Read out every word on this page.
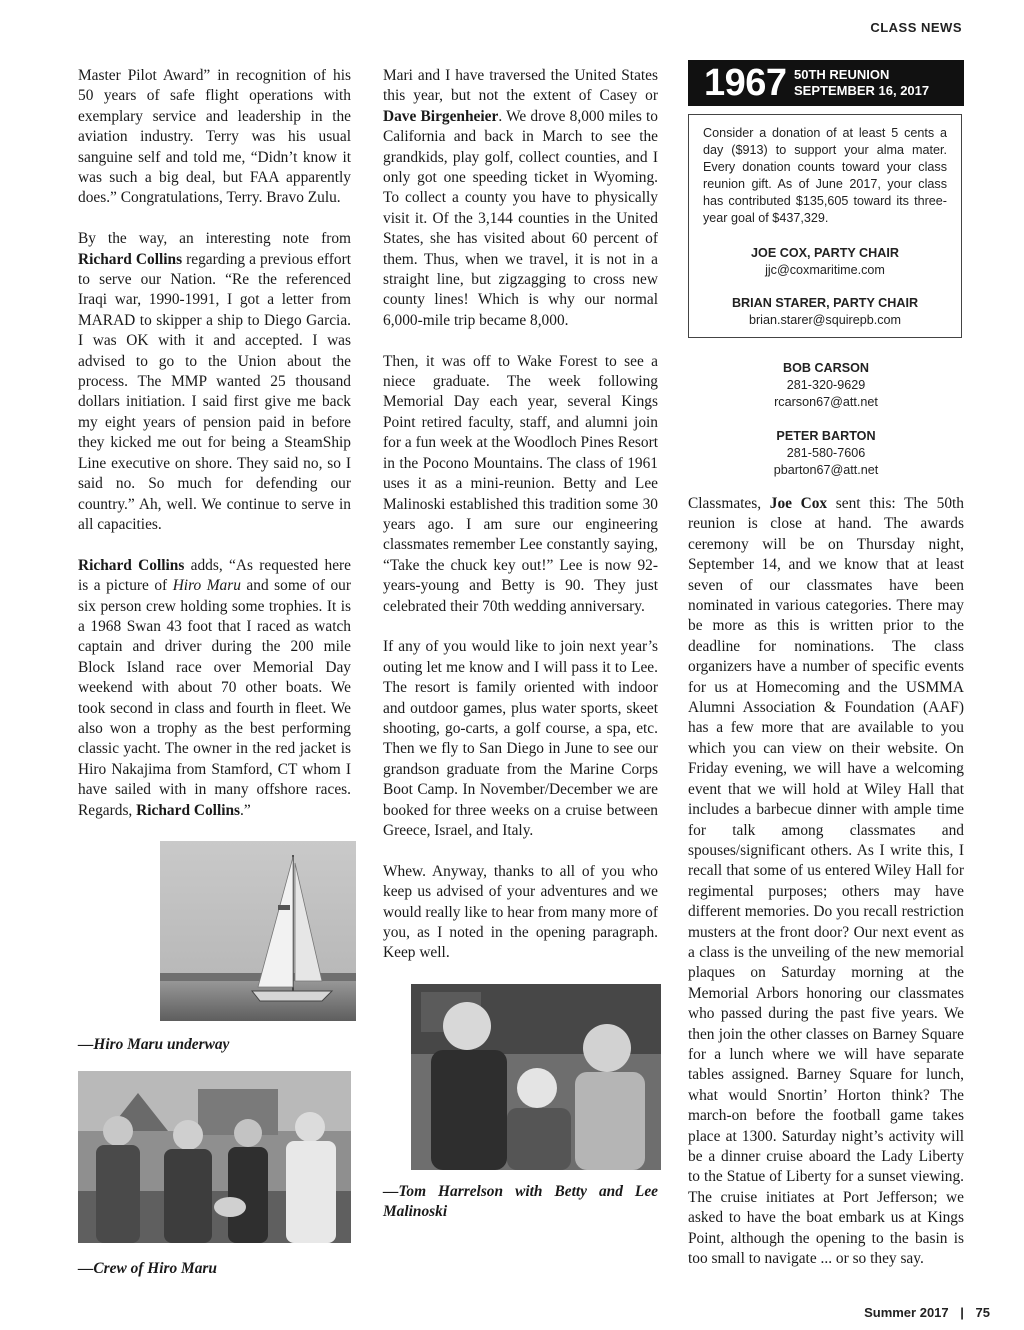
CLASS NEWS

Master Pilot Award” in recognition of his 50 years of safe flight operations with exemplary service and leadership in the aviation industry. Terry was his usual sanguine self and told me, “Didn’t know it was such a big deal, but FAA apparently does.” Congratulations, Terry. Bravo Zulu.

By the way, an interesting note from Richard Collins regarding a previous effort to serve our Nation. “Re the referenced Iraqi war, 1990-1991, I got a letter from MARAD to skipper a ship to Diego Garcia. I was OK with it and accepted. I was advised to go to the Union about the process. The MMP wanted 25 thousand dollars initiation. I said first give me back my eight years of pension paid in before they kicked me out for being a SteamShip Line executive on shore. They said no, so I said no. So much for defending our country.” Ah, well. We continue to serve in all capacities.

Richard Collins adds, “As requested here is a picture of Hiro Maru and some of our six person crew holding some trophies. It is a 1968 Swan 43 foot that I raced as watch captain and driver during the 200 mile Block Island race over Memorial Day weekend with about 70 other boats. We took second in class and fourth in fleet. We also won a trophy as the best performing classic yacht. The owner in the red jacket is Hiro Nakajima from Stamford, CT whom I have sailed with in many offshore races. Regards, Richard Collins.”

—Hiro Maru underway
—Crew of Hiro Maru

Mari and I have traversed the United States this year, but not the extent of Casey or Dave Birgenheier. We drove 8,000 miles to California and back in March to see the grandkids, play golf, collect counties, and I only got one speeding ticket in Wyoming. To collect a county you have to physically visit it. Of the 3,144 counties in the United States, she has visited about 60 percent of them. Thus, when we travel, it is not in a straight line, but zigzagging to cross new county lines! Which is why our normal 6,000-mile trip became 8,000.

Then, it was off to Wake Forest to see a niece graduate. The week following Memorial Day each year, several Kings Point retired faculty, staff, and alumni join for a fun week at the Woodloch Pines Resort in the Pocono Mountains. The class of 1961 uses it as a mini-reunion. Betty and Lee Malinoski established this tradition some 30 years ago. I am sure our engineering classmates remember Lee constantly saying, “Take the chuck key out!” Lee is now 92-years-young and Betty is 90. They just celebrated their 70th wedding anniversary.

If any of you would like to join next year’s outing let me know and I will pass it to Lee. The resort is family oriented with indoor and outdoor games, plus water sports, skeet shooting, go-carts, a golf course, a spa, etc. Then we fly to San Diego in June to see our grandson graduate from the Marine Corps Boot Camp. In November/December we are booked for three weeks on a cruise between Greece, Israel, and Italy.

Whew. Anyway, thanks to all of you who keep us advised of your adventures and we would really like to hear from many more of you, as I noted in the opening paragraph. Keep well.

—Tom Harrelson with Betty and Lee Malinoski
1967 50TH REUNION
SEPTEMBER 16, 2017
Consider a donation of at least 5 cents a day ($913) to support your alma mater. Every donation counts toward your class reunion gift. As of June 2017, your class has contributed $135,605 toward its three-year goal of $437,329.
JOE COX, PARTY CHAIR
jjc@coxmaritime.com
BRIAN STARER, PARTY CHAIR
brian.starer@squirepb.com
BOB CARSON
281-320-9629
rcarson67@att.net
PETER BARTON
281-580-7606
pbarton67@att.net

Classmates, Joe Cox sent this: The 50th reunion is close at hand. The awards ceremony will be on Thursday night, September 14, and we know that at least seven of our classmates have been nominated in various categories. There may be more as this is written prior to the deadline for nominations. The class organizers have a number of specific events for us at Homecoming and the USMMA Alumni Association & Foundation (AAF) has a few more that are available to you which you can view on their website. On Friday evening, we will have a welcoming event that we will hold at Wiley Hall that includes a barbecue dinner with ample time for talk among classmates and spouses/significant others. As I write this, I recall that some of us entered Wiley Hall for regimental purposes; others may have different memories. Do you recall restriction musters at the front door? Our next event as a class is the unveiling of the new memorial plaques on Saturday morning at the Memorial Arbors honoring our classmates who passed during the past five years. We then join the other classes on Barney Square for a lunch where we will have separate tables assigned. Barney Square for lunch, what would Snortin’ Horton think? The march-on before the football game takes place at 1300. Saturday night’s activity will be a dinner cruise aboard the Lady Liberty to the Statue of Liberty for a sunset viewing. The cruise initiates at Port Jefferson; we asked to have the boat embark us at Kings Point, although the opening to the basin is too small to navigate ... or so they say.

Summer 2017 | 75
